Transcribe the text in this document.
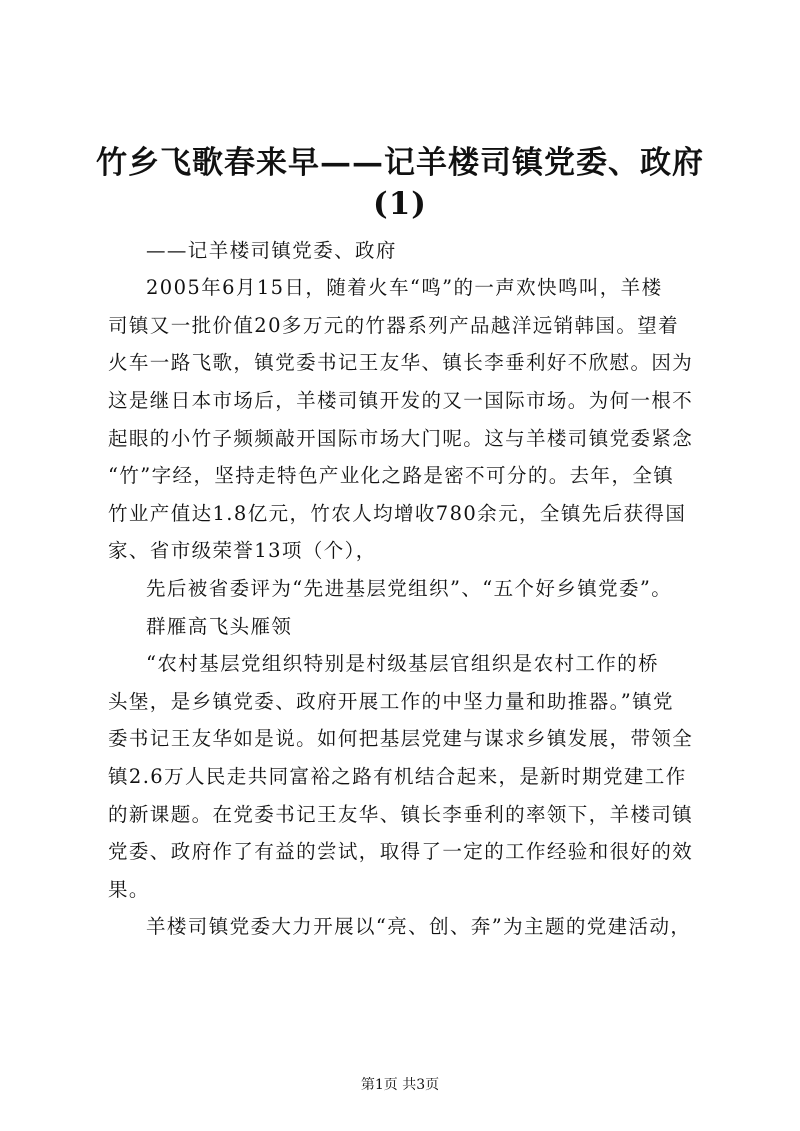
竹乡飞歌春来早——记羊楼司镇党委、政府
(1)
——记羊楼司镇党委、政府
2005年6月15日，随着火车“鸣”的一声欢快鸣叫，羊楼
司镇又一批价值20多万元的竹器系列产品越洋远销韩国。望着
火车一路飞歌，镇党委书记王友华、镇长李垂利好不欣慰。因为
这是继日本市场后，羊楼司镇开发的又一国际市场。为何一根不
起眼的小竹子频频敲开国际市场大门呢。这与羊楼司镇党委紧念
“竹”字经，坚持走特色产业化之路是密不可分的。去年，全镇
竹业产值达1.8亿元，竹农人均增收780余元，全镇先后获得国
家、省市级荣誉13项（个），
先后被省委评为“先进基层党组织”、“五个好乡镇党委”。
群雁高飞头雁领
“农村基层党组织特别是村级基层官组织是农村工作的桥
头堡，是乡镇党委、政府开展工作的中坚力量和助推器。”镇党
委书记王友华如是说。如何把基层党建与谋求乡镇发展，带领全
镇2.6万人民走共同富裕之路有机结合起来，是新时期党建工作
的新课题。在党委书记王友华、镇长李垂利的率领下，羊楼司镇
党委、政府作了有益的尝试，取得了一定的工作经验和很好的效
果。
羊楼司镇党委大力开展以“亮、创、奔”为主题的党建活动，
第1页 共3页
